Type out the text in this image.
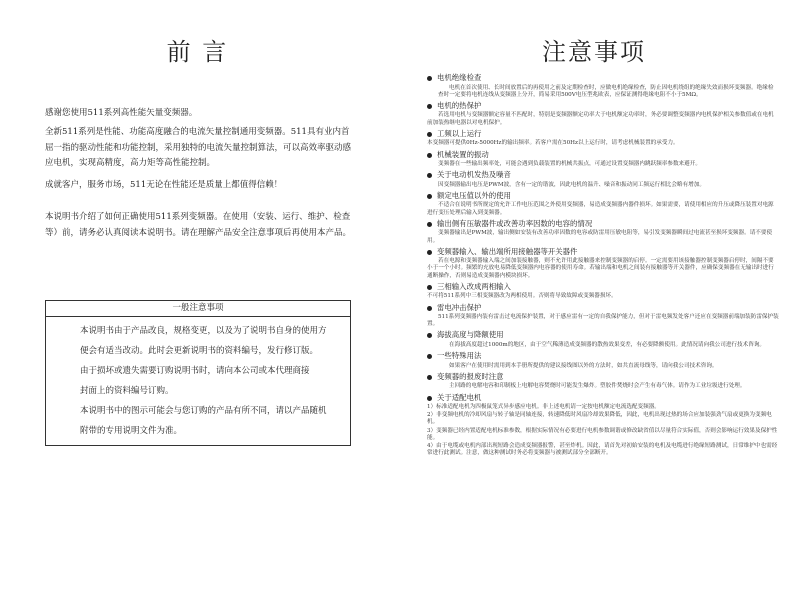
前 言

感谢您使用511系列高性能矢量变频器。

全新511系列是性能、功能高度融合的电流矢量控制通用变频器。511具有业内首屈一指的驱动性能和功能控制，采用独特的电流矢量控制算法，可以高效率驱动感应电机，实现高精度，高力矩等高性能控制。

成就客户，服务市场，511无论在性能还是质量上都值得信赖！

本说明书介绍了如何正确使用511系列变频器。在使用（安装、运行、维护、检查等）前，请务必认真阅读本说明书。请在理解产品安全注意事项后再使用本产品。

一般注意事项
本说明书由于产品改良，规格变更，以及为了说明书自身的使用方
便会有适当改动。此时会更新说明书的资料编号，发行修订版。
由于损坏或遗失需要订购说明书时，请向本公司或本代理商接
封面上的资料编号订购。
本说明书中的图示可能会与您订购的产品有所不同，请以产品随机
附带的专用说明文件为准。
注意事项
电机绝缘检查

电机在首次使用、长时间放置后的再使用之前及定期检查时，应做电机绝缘检查，防止因电机绕组的绝缘失效而损坏变频器。绝缘检查时一定要将电机连线从变频器上分开，简易采用500V电压型兆欧表，应保证测得绝缘电阻不小于5MΩ。

电机的热保护

若选用电机与变频器额定容量不匹配时，特别是变频器额定功率大于电机额定功率时，务必要调整变频器内电机保护相关参数值或在电机前加装热继电器以对电机保护。

工频以上运行

本变频器可提供0Hz-5000Hz的输出频率。若客户需在50Hz以上运行时，请考虑机械装置的承受力。

机械装置的振动

变频器在一些输出频率处，可能会遇到负载装置的机械共振点，可通过设置变频器内跳跃频率参数来避开。

关于电动机发热及噪音

因变频器输出电压是PWM波，含有一定的谐波，因此电机的温升、噪音和振动同工频运行相比会略有增加。

额定电压值以外的使用

不适合在说明书所规定的允许工作电压范围之外使用变频器，易造成变频器内器件损坏。如果需要，请使用相应的升压或降压装置对电源进行变压处理后输入到变频器。

输出侧有压敏器件或改善功率因数的电容的情况

变频器输出是PWM波，输出侧如安装有改善功率因数的电容或防雷用压敏电阻等，易引发变频器瞬间过电流甚至损坏变频器。请不要使用。

变频器输入、输出端所用接触器等开关器件

若在电源和变频器输入端之间加装接触器，则不允许用此接触器来控制变频器的启停。一定需要用该接触器控制变频器启停时，间隔不要小于一个小时。频繁的充放电易降低变频器内电容器的使用寿命。若输出端和电机之间装有接触器等开关器件，应确保变频器在无输出时进行通断操作，否则易造成变频器内模块损坏。

三相输入改成两相输入

不可将511系列中三相变频器改为两相使用。否则将导致故障或变频器损坏。

雷电冲击保护

511系列变频器内装有雷击过电流保护装置，对于感应雷有一定的自我保护能力，但对于雷电频发处客户还应在变频器前端加装防雷保护装置。

海拔高度与降额使用

在海拔高度超过1000m的地区，由于空气稀薄造成变频器的散热效果变差，有必要降额使用。此情况请向我公司进行技术咨询。

一些特殊用法

如果客户在使用时需用到本手册所提供的建议接线图以外的方法时，如共直流母线等，请向我公司技术咨询。

变频器的报废时注意

主回路的电解电容和印制板上电解电容焚烧时可能发生爆炸。塑胶件焚烧时会产生有毒气体。请作为工业垃圾进行处理。

关于适配电机

1）标准适配电机为四极鼠笼式异步感应电机。非上述电机请一定按电机额定电流选配变频器。

2）非变频电机的冷却风扇与转子轴是同轴连接，转速降低时风扇冷却效果降低，因此，电机出现过热的场合应加装强劲气扇或更换为变频电机。

3）变频器已经内置适配电机标准参数，根据实际情况有必要进行电机参数调谐或修改缺省值以尽量符合实际值，否则会影响运行效果及保护性能。

4）由于电缆或电机内部出现短路会造成变频器报警，甚至炸机。因此，请首先对初始安装的电机及电缆进行绝缘短路测试，日常维护中也需经常进行此测试。注意，做这种测试时务必将变频器与被测试部分全部断开。
